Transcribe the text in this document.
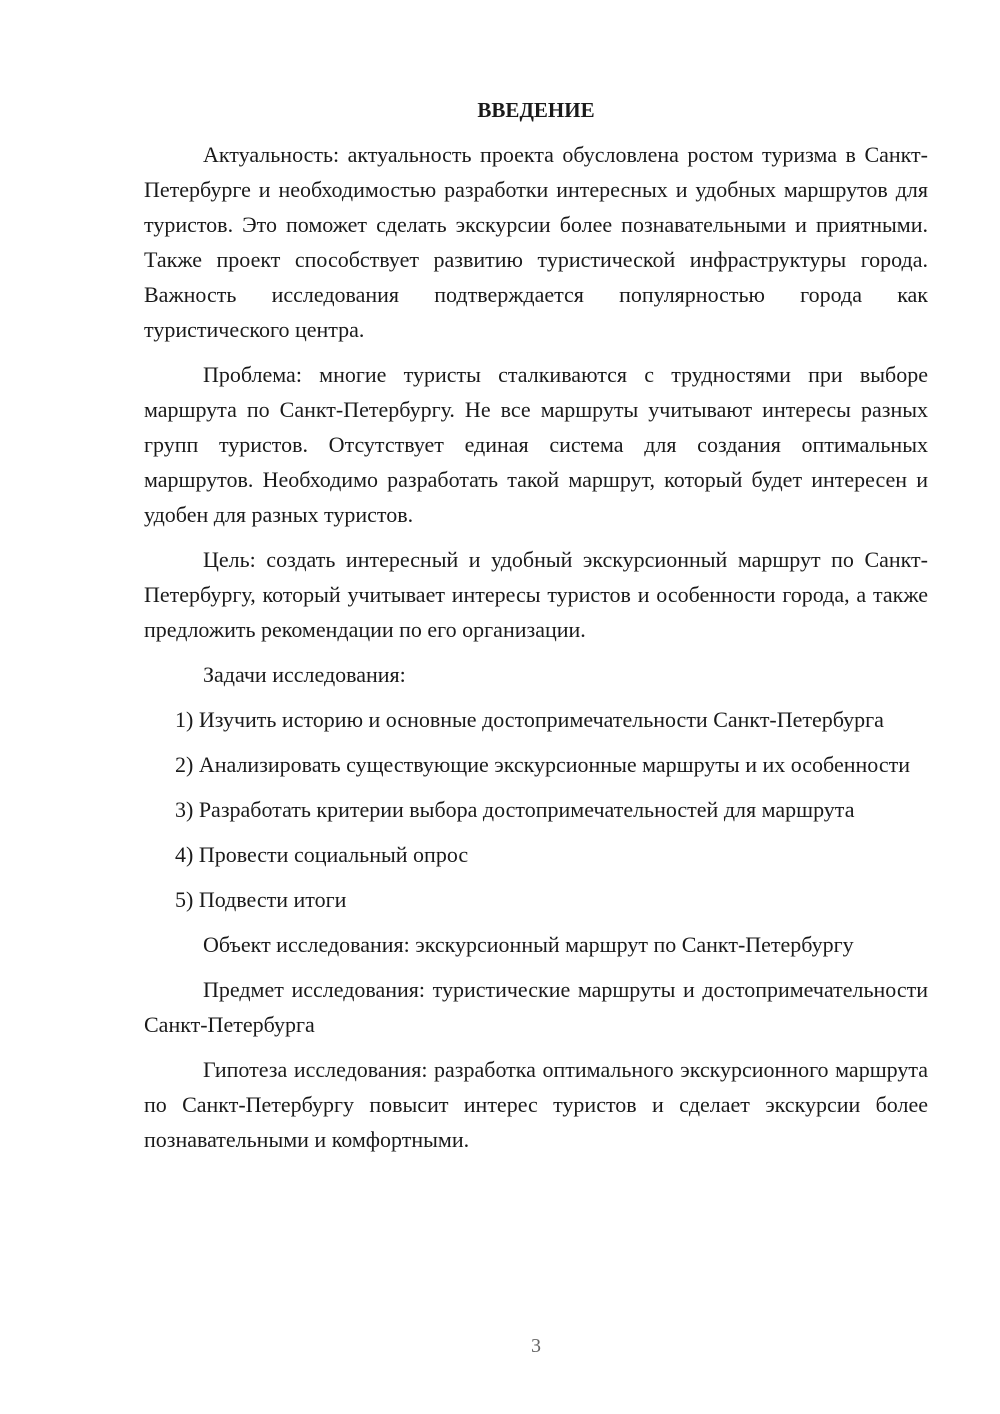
ВВЕДЕНИЕ

Актуальность: актуальность проекта обусловлена ростом туризма в Санкт-Петербурге и необходимостью разработки интересных и удобных маршрутов для туристов. Это поможет сделать экскурсии более познавательными и приятными. Также проект способствует развитию туристической инфраструктуры города. Важность исследования подтверждается популярностью города как туристического центра.

Проблема: многие туристы сталкиваются с трудностями при выборе маршрута по Санкт-Петербургу. Не все маршруты учитывают интересы разных групп туристов. Отсутствует единая система для создания оптимальных маршрутов. Необходимо разработать такой маршрут, который будет интересен и удобен для разных туристов.

Цель: создать интересный и удобный экскурсионный маршрут по Санкт-Петербургу, который учитывает интересы туристов и особенности города, а также предложить рекомендации по его организации.

Задачи исследования:

1) Изучить историю и основные достопримечательности Санкт-Петербурга

2) Анализировать существующие экскурсионные маршруты и их особенности

3) Разработать критерии выбора достопримечательностей для маршрута

4) Провести социальный опрос

5) Подвести итоги

Объект исследования: экскурсионный маршрут по Санкт-Петербургу

Предмет исследования: туристические маршруты и достопримечательности Санкт-Петербурга

Гипотеза исследования: разработка оптимального экскурсионного маршрута по Санкт-Петербургу повысит интерес туристов и сделает экскурсии более познавательными и комфортными.

3
